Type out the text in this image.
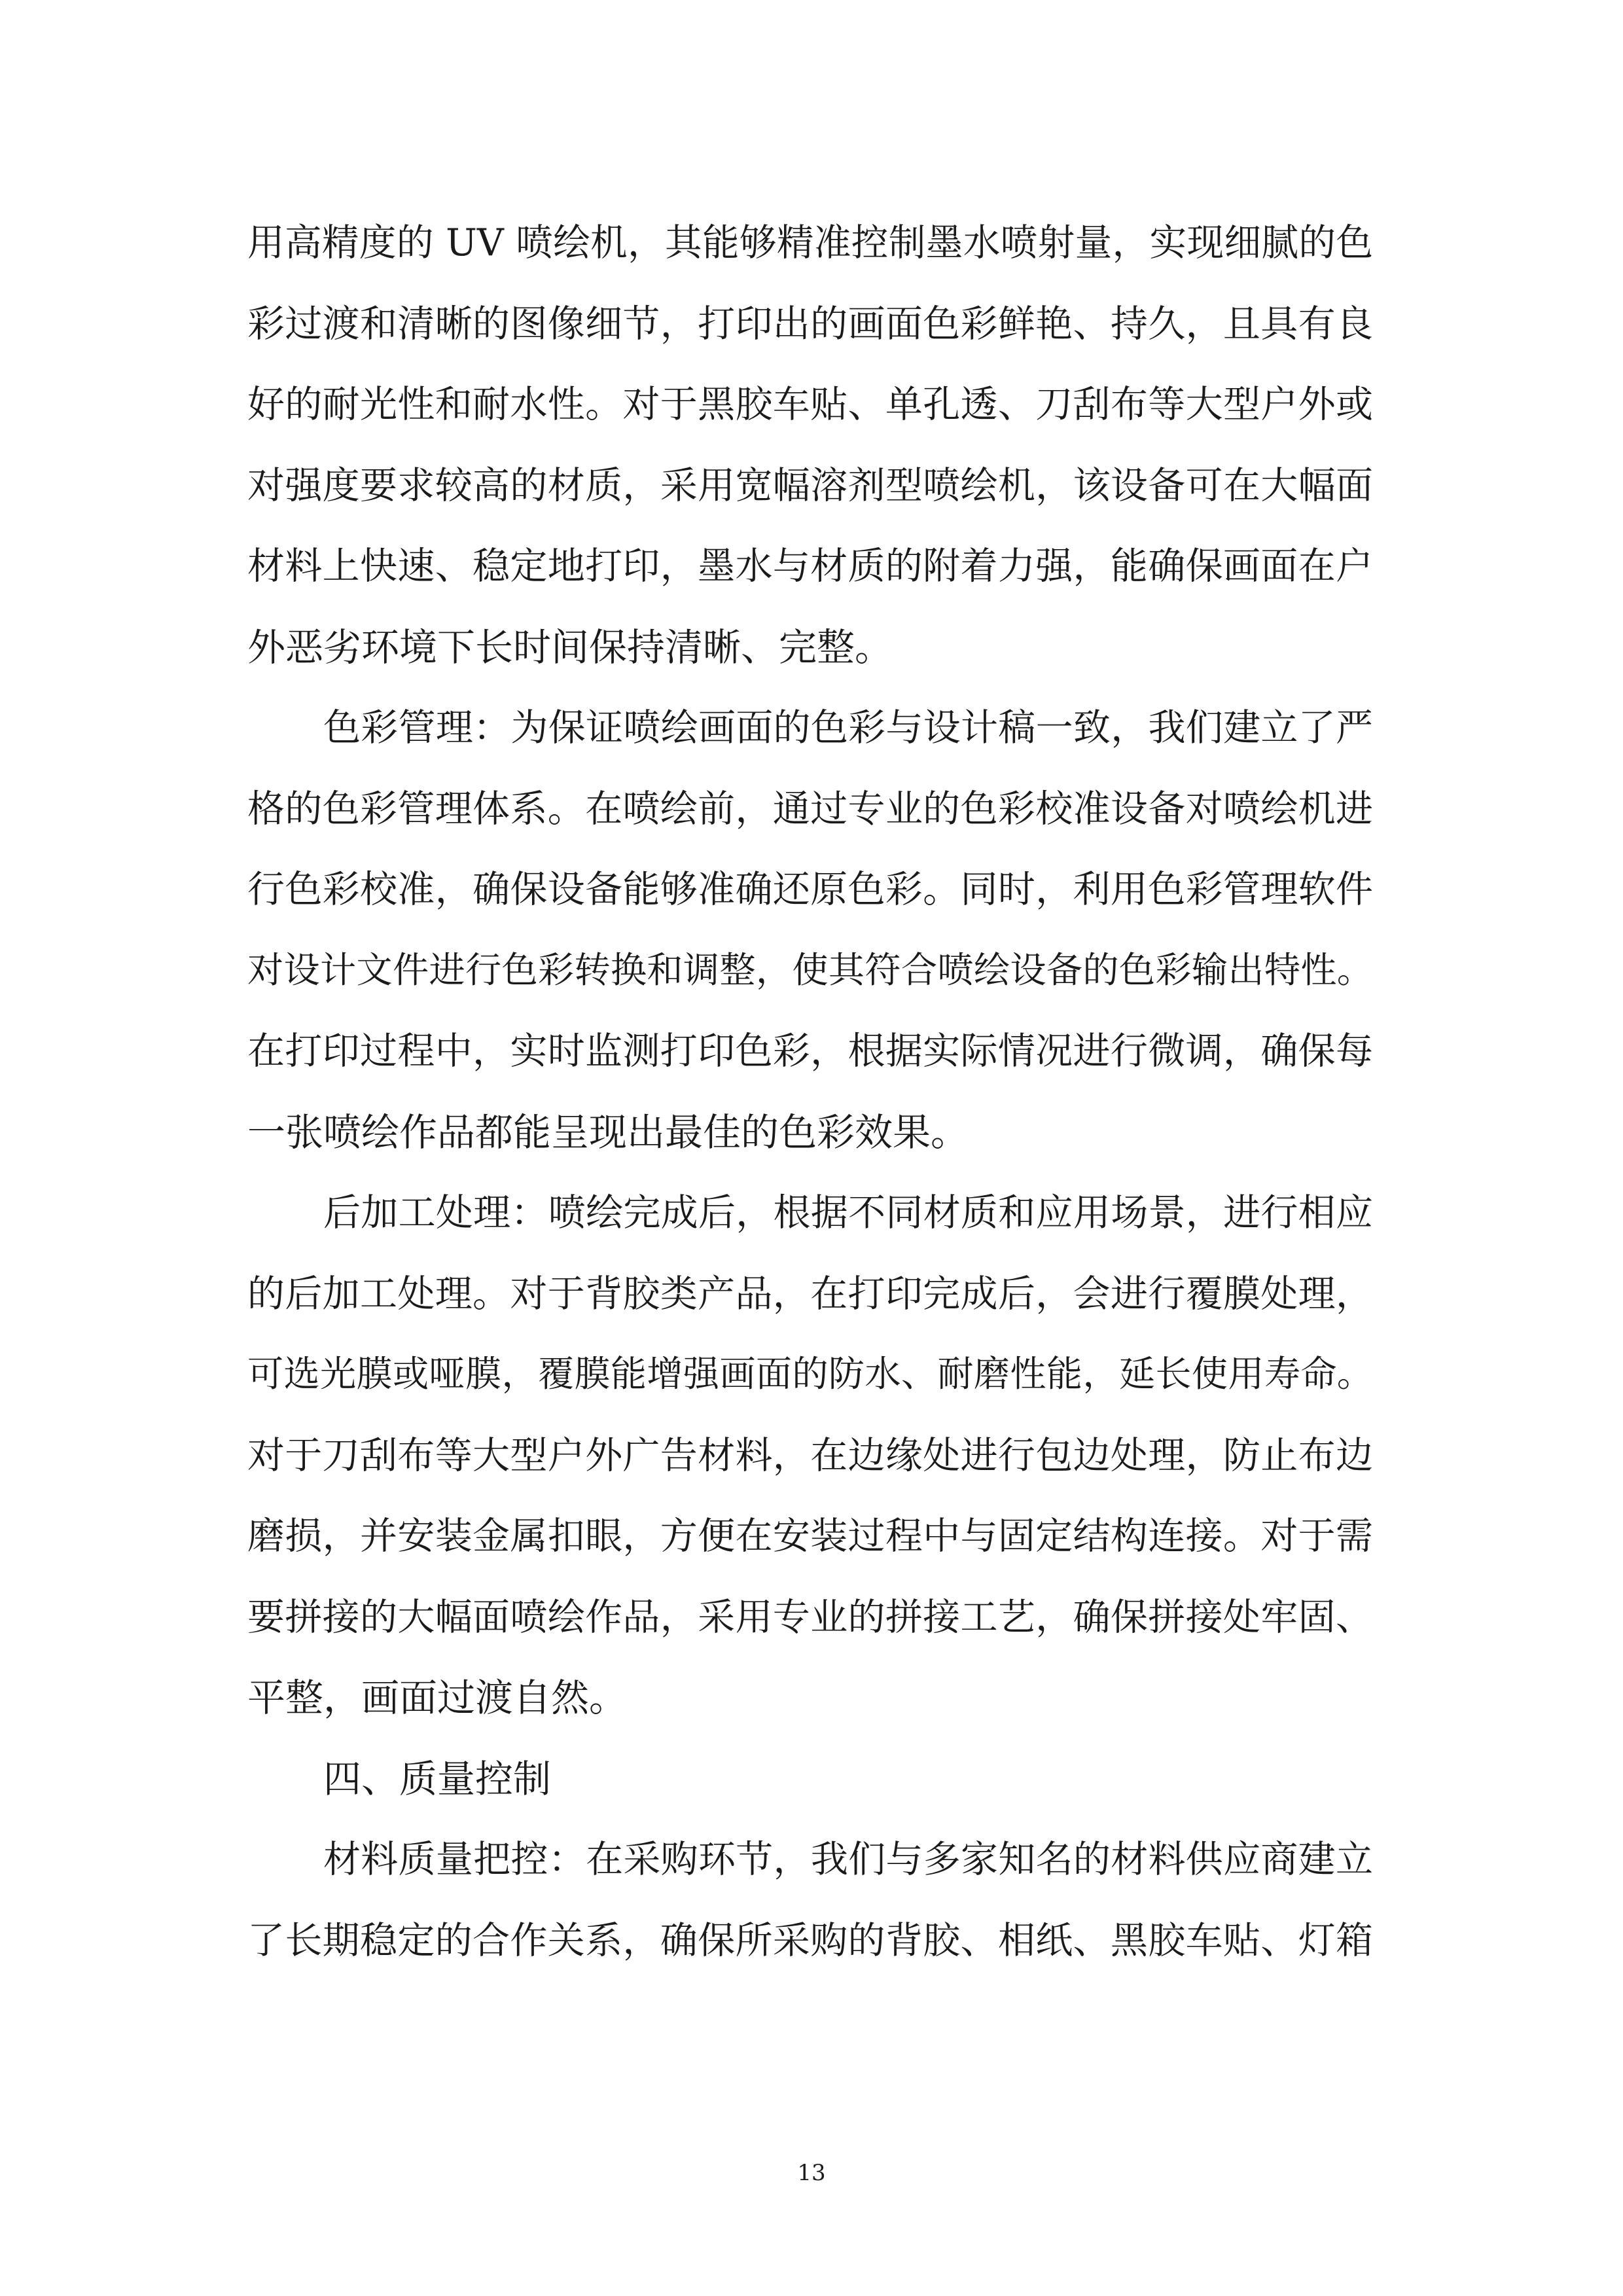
用高精度的 UV 喷绘机，其能够精准控制墨水喷射量，实现细腻的色
彩过渡和清晰的图像细节，打印出的画面色彩鲜艳、持久，且具有良
好的耐光性和耐水性。对于黑胶车贴、单孔透、刀刮布等大型户外或
对强度要求较高的材质，采用宽幅溶剂型喷绘机，该设备可在大幅面
材料上快速、稳定地打印，墨水与材质的附着力强，能确保画面在户
外恶劣环境下长时间保持清晰、完整。
色彩管理：为保证喷绘画面的色彩与设计稿一致，我们建立了严
格的色彩管理体系。在喷绘前，通过专业的色彩校准设备对喷绘机进
行色彩校准，确保设备能够准确还原色彩。同时，利用色彩管理软件
对设计文件进行色彩转换和调整，使其符合喷绘设备的色彩输出特性。
在打印过程中，实时监测打印色彩，根据实际情况进行微调，确保每
一张喷绘作品都能呈现出最佳的色彩效果。
后加工处理：喷绘完成后，根据不同材质和应用场景，进行相应
的后加工处理。对于背胶类产品，在打印完成后，会进行覆膜处理，
可选光膜或哑膜，覆膜能增强画面的防水、耐磨性能，延长使用寿命。
对于刀刮布等大型户外广告材料，在边缘处进行包边处理，防止布边
磨损，并安装金属扣眼，方便在安装过程中与固定结构连接。对于需
要拼接的大幅面喷绘作品，采用专业的拼接工艺，确保拼接处牢固、
平整，画面过渡自然。
四、质量控制
材料质量把控：在采购环节，我们与多家知名的材料供应商建立
了长期稳定的合作关系，确保所采购的背胶、相纸、黑胶车贴、灯箱
13
